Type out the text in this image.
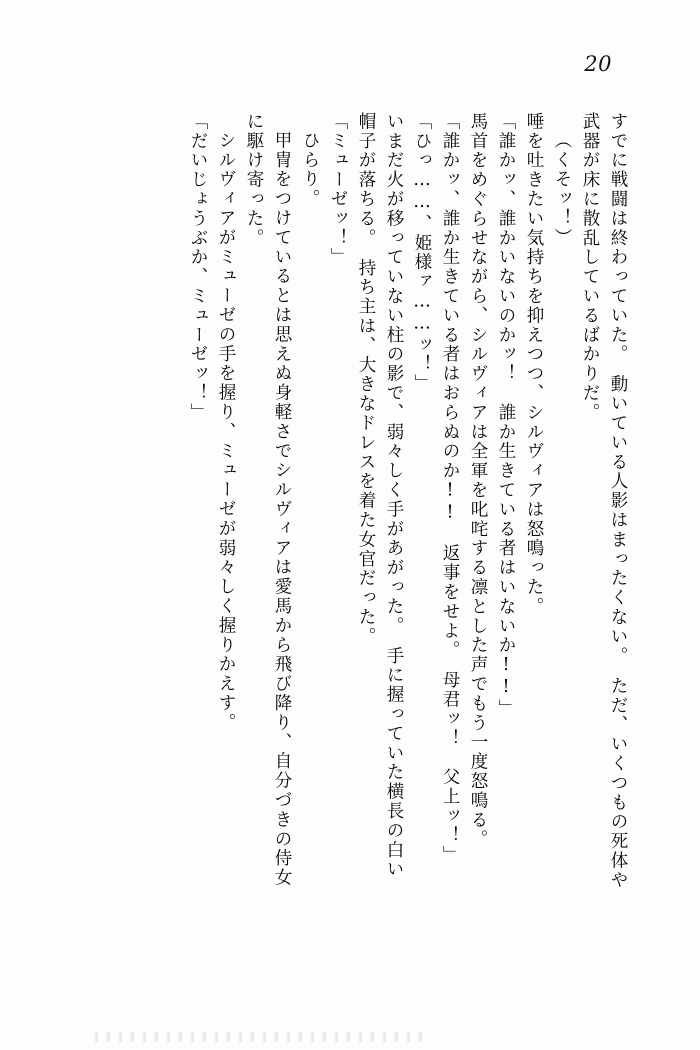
20
すでに戦闘は終わっていた。　動いている人影はまったくない。　ただ、いくつもの死体や
武器が床に散乱しているばかりだ。
（くそッ！）
唾を吐きたい気持ちを抑えつつ、シルヴィアは怒鳴った。
「誰かッ、誰かいないのかッ！　誰か生きている者はいないか!!」
馬首をめぐらせながら、シルヴィアは全軍を叱咤する凛とした声でもう一度怒鳴る。
「誰かッ、誰か生きている者はおらぬのか!!　返事をせよ。　母君ッ！　父上ッ！」
「ひっ……、姫様ァ……ッ！」
いまだ火が移っていない柱の影で、弱々しく手があがった。　手に握っていた横長の白い
帽子が落ちる。　持ち主は、大きなドレスを着た女官だった。
「ミューゼッ！」
ひらり。
甲冑をつけているとは思えぬ身軽さでシルヴィアは愛馬から飛び降り、自分づきの侍女
に駆け寄った。
シルヴィアがミューゼの手を握り、ミューゼが弱々しく握りかえす。
「だいじょうぶか、ミューゼッ！」
